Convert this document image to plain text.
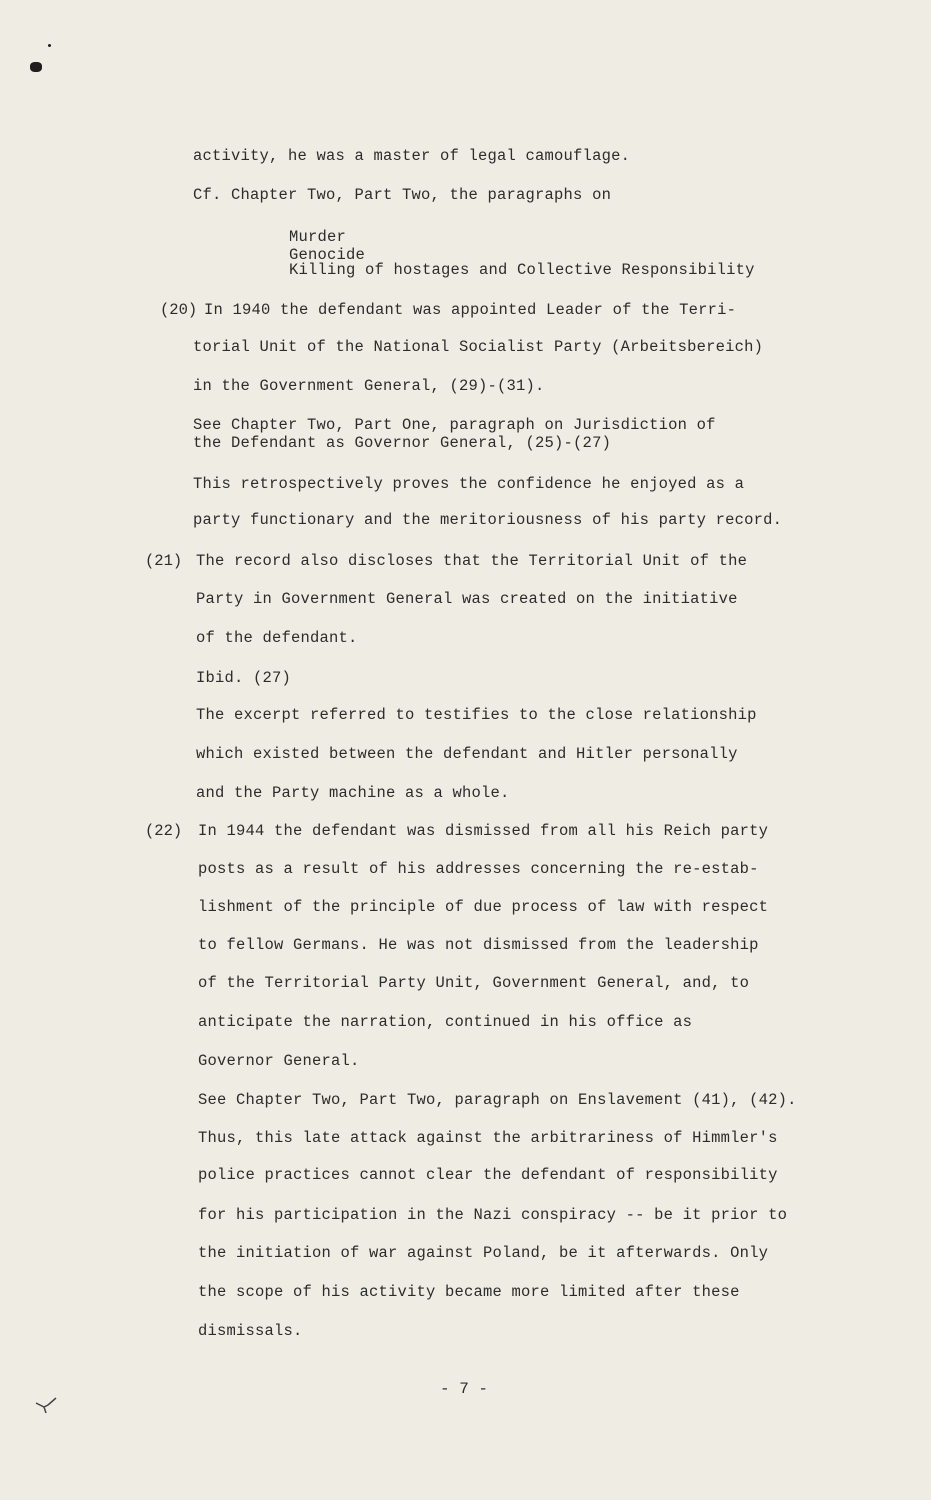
activity, he was a master of legal camouflage.
Cf. Chapter Two, Part Two, the paragraphs on
Murder
Genocide
Killing of hostages and Collective Responsibility
(20) In 1940 the defendant was appointed Leader of the Terri-
torial Unit of the National Socialist Party (Arbeitsbereich)
in the Government General, (29)-(31).
See Chapter Two, Part One, paragraph on Jurisdiction of
the Defendant as Governor General, (25)-(27)
This retrospectively proves the confidence he enjoyed as a
party functionary and the meritoriousness of his party record.
(21) The record also discloses that the Territorial Unit of the
Party in Government General was created on the initiative
of the defendant.
Ibid. (27)
The excerpt referred to testifies to the close relationship
which existed between the defendant and Hitler personally
and the Party machine as a whole.
(22) In 1944 the defendant was dismissed from all his Reich party
posts as a result of his addresses concerning the re-estab-
lishment of the principle of due process of law with respect
to fellow Germans. He was not dismissed from the leadership
of the Territorial Party Unit, Government General, and, to
anticipate the narration, continued in his office as
Governor General.
See Chapter Two, Part Two, paragraph on Enslavement (41), (42).
Thus, this late attack against the arbitrariness of Himmler's
police practices cannot clear the defendant of responsibility
for his participation in the Nazi conspiracy -- be it prior to
the initiation of war against Poland, be it afterwards. Only
the scope of his activity became more limited after these
dismissals.
- 7 -
